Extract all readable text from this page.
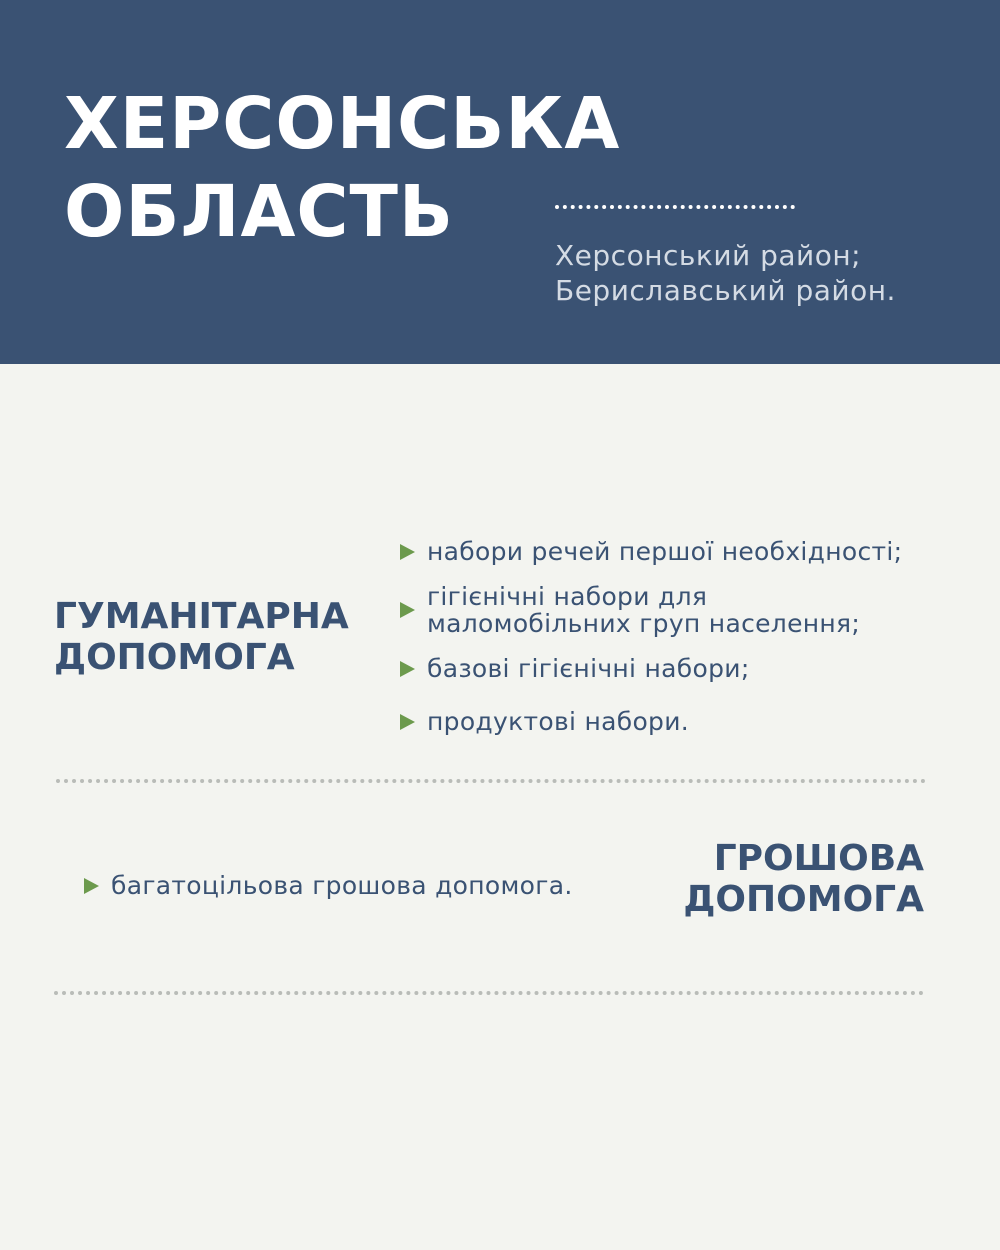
ХЕРСОНСЬКА
ОБЛАСТЬ
Херсонський район;
Бериславський район.
ГУМАНІТАРНА
ДОПОМОГА
набори речей першої необхідності;
гігієнічні набори для
маломобільних груп населення;
базові гігієнічні набори;
продуктові набори.
багатоцільова грошова допомога.
ГРОШОВА
ДОПОМОГА
